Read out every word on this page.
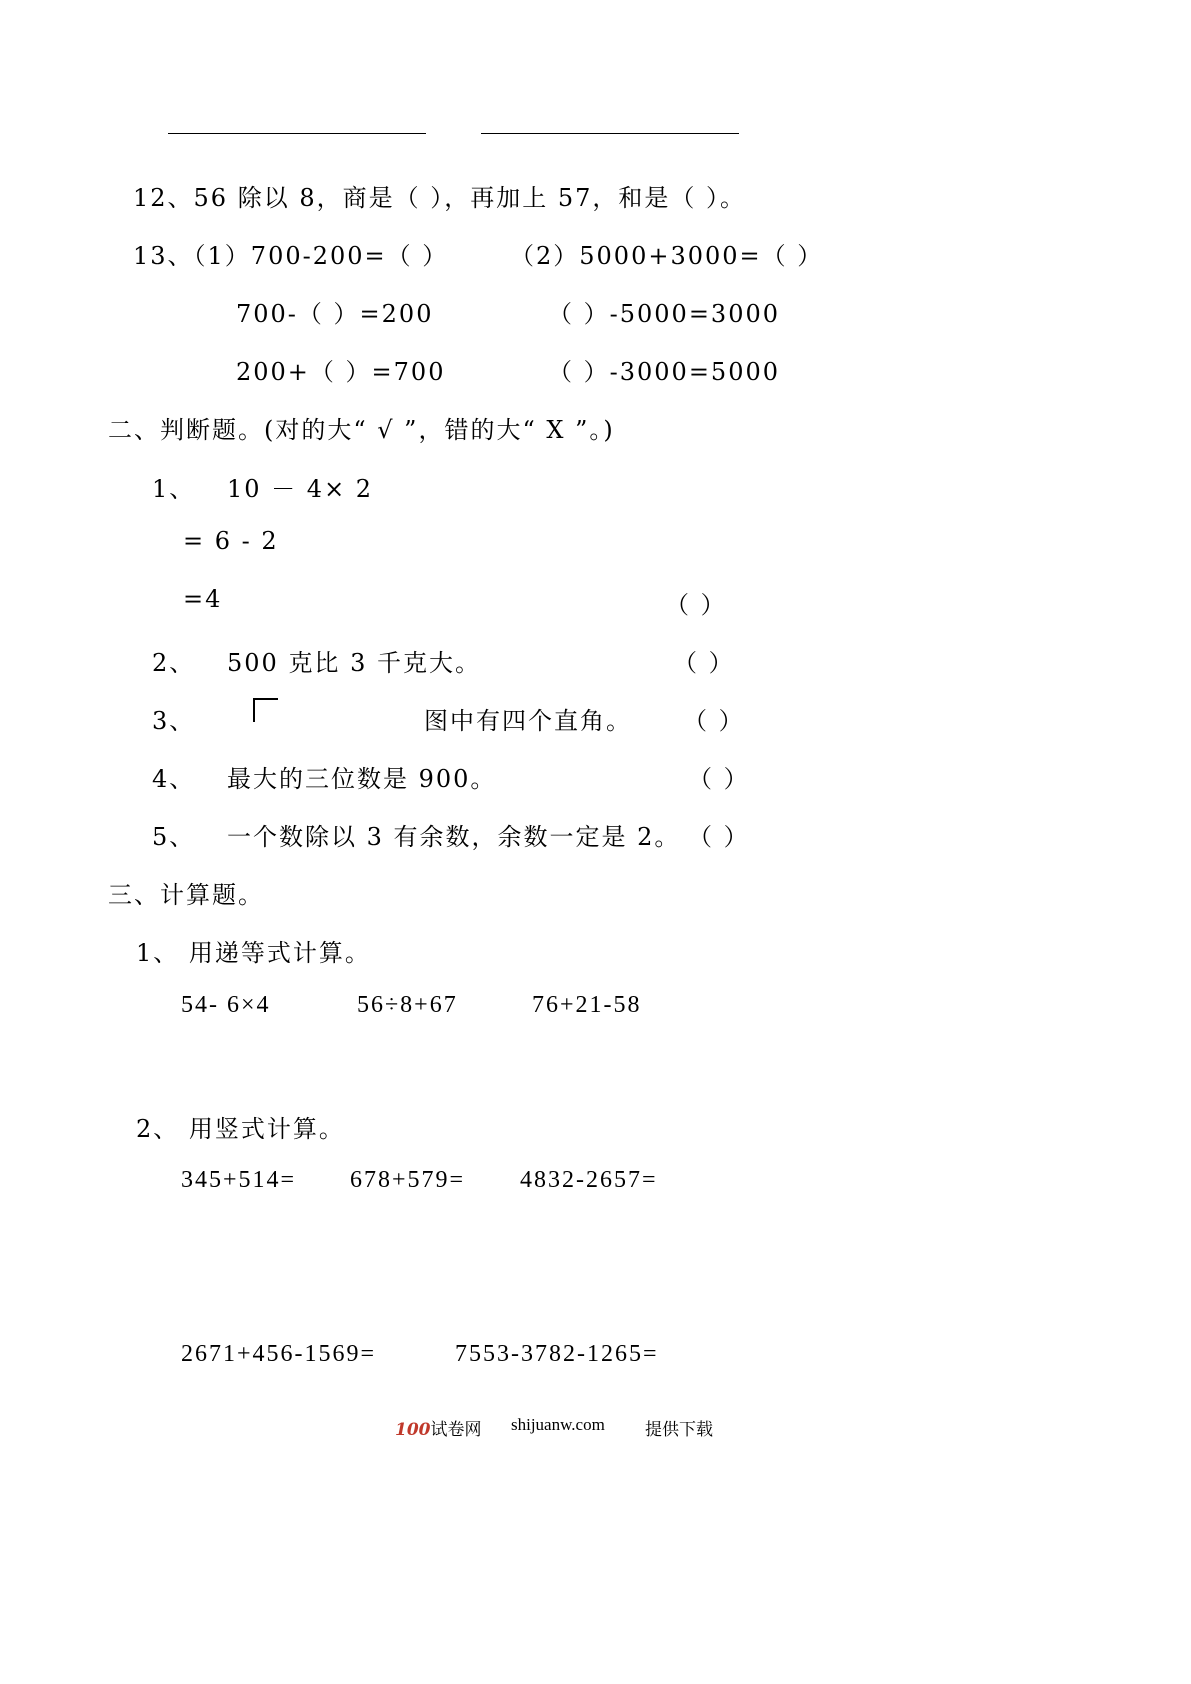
12、56 除以 8，商是（ ），再加上 57，和是（ ）。
13、（1）700-200=（ ）	（2）5000+3000=（ ）
700-（ ）=200	（ ）-5000=3000
200+（ ）=700	（ ）-3000=5000
二、判断题。(对的大“ √ ”，错的大“ X ”。)
1、 10 － 4× 2
= 6 - 2
=4	（ ）
2、 500 克比 3 千克大。	（ ）
3、	图中有四个直角。 （ ）
4、 最大的三位数是 900。	（ ）
5、 一个数除以 3 有余数，余数一定是 2。 （ ）
三、计算题。
1、 用递等式计算。
54- 6×4	56÷8+67	76+21-58
2、 用竖式计算。
345+514= 678+579= 4832-2657=
2671+456-1569=	7553-3782-1265=
100试卷网 shijuanw.com 提供下载
